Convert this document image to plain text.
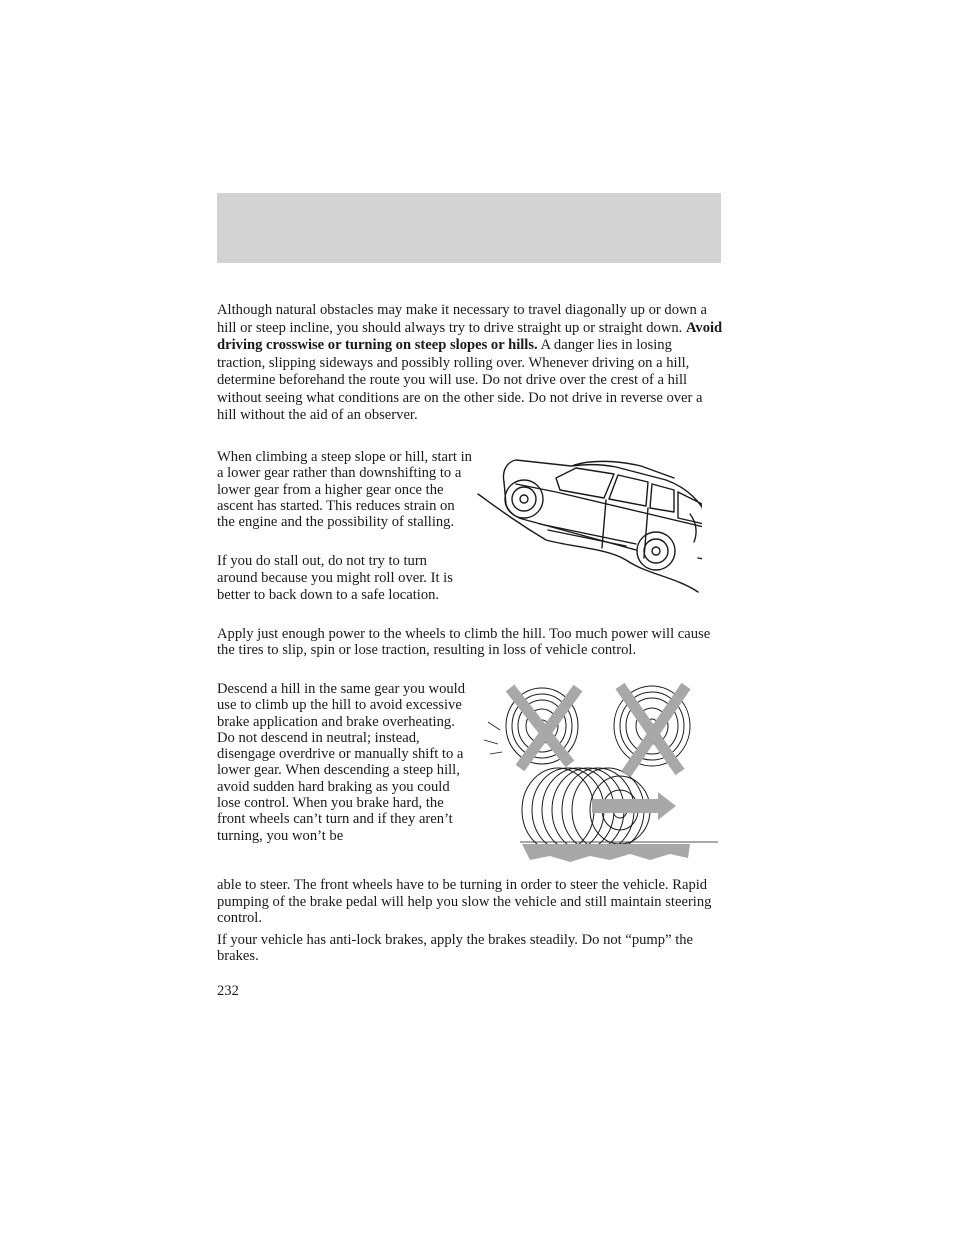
Although natural obstacles may make it necessary to travel diagonally up or down a hill or steep incline, you should always try to drive straight up or straight down. Avoid driving crosswise or turning on steep slopes or hills. A danger lies in losing traction, slipping sideways and possibly rolling over. Whenever driving on a hill, determine beforehand the route you will use. Do not drive over the crest of a hill without seeing what conditions are on the other side. Do not drive in reverse over a hill without the aid of an observer.

When climbing a steep slope or hill, start in a lower gear rather than downshifting to a lower gear from a higher gear once the ascent has started. This reduces strain on the engine and the possibility of stalling.

If you do stall out, do not try to turn around because you might roll over. It is better to back down to a safe location.

Apply just enough power to the wheels to climb the hill. Too much power will cause the tires to slip, spin or lose traction, resulting in loss of vehicle control.

Descend a hill in the same gear you would use to climb up the hill to avoid excessive brake application and brake overheating. Do not descend in neutral; instead, disengage overdrive or manually shift to a lower gear. When descending a steep hill, avoid sudden hard braking as you could lose control. When you brake hard, the front wheels can’t turn and if they aren’t turning, you won’t be

able to steer. The front wheels have to be turning in order to steer the vehicle. Rapid pumping of the brake pedal will help you slow the vehicle and still maintain steering control.

If your vehicle has anti-lock brakes, apply the brakes steadily. Do not “pump” the brakes.

232
